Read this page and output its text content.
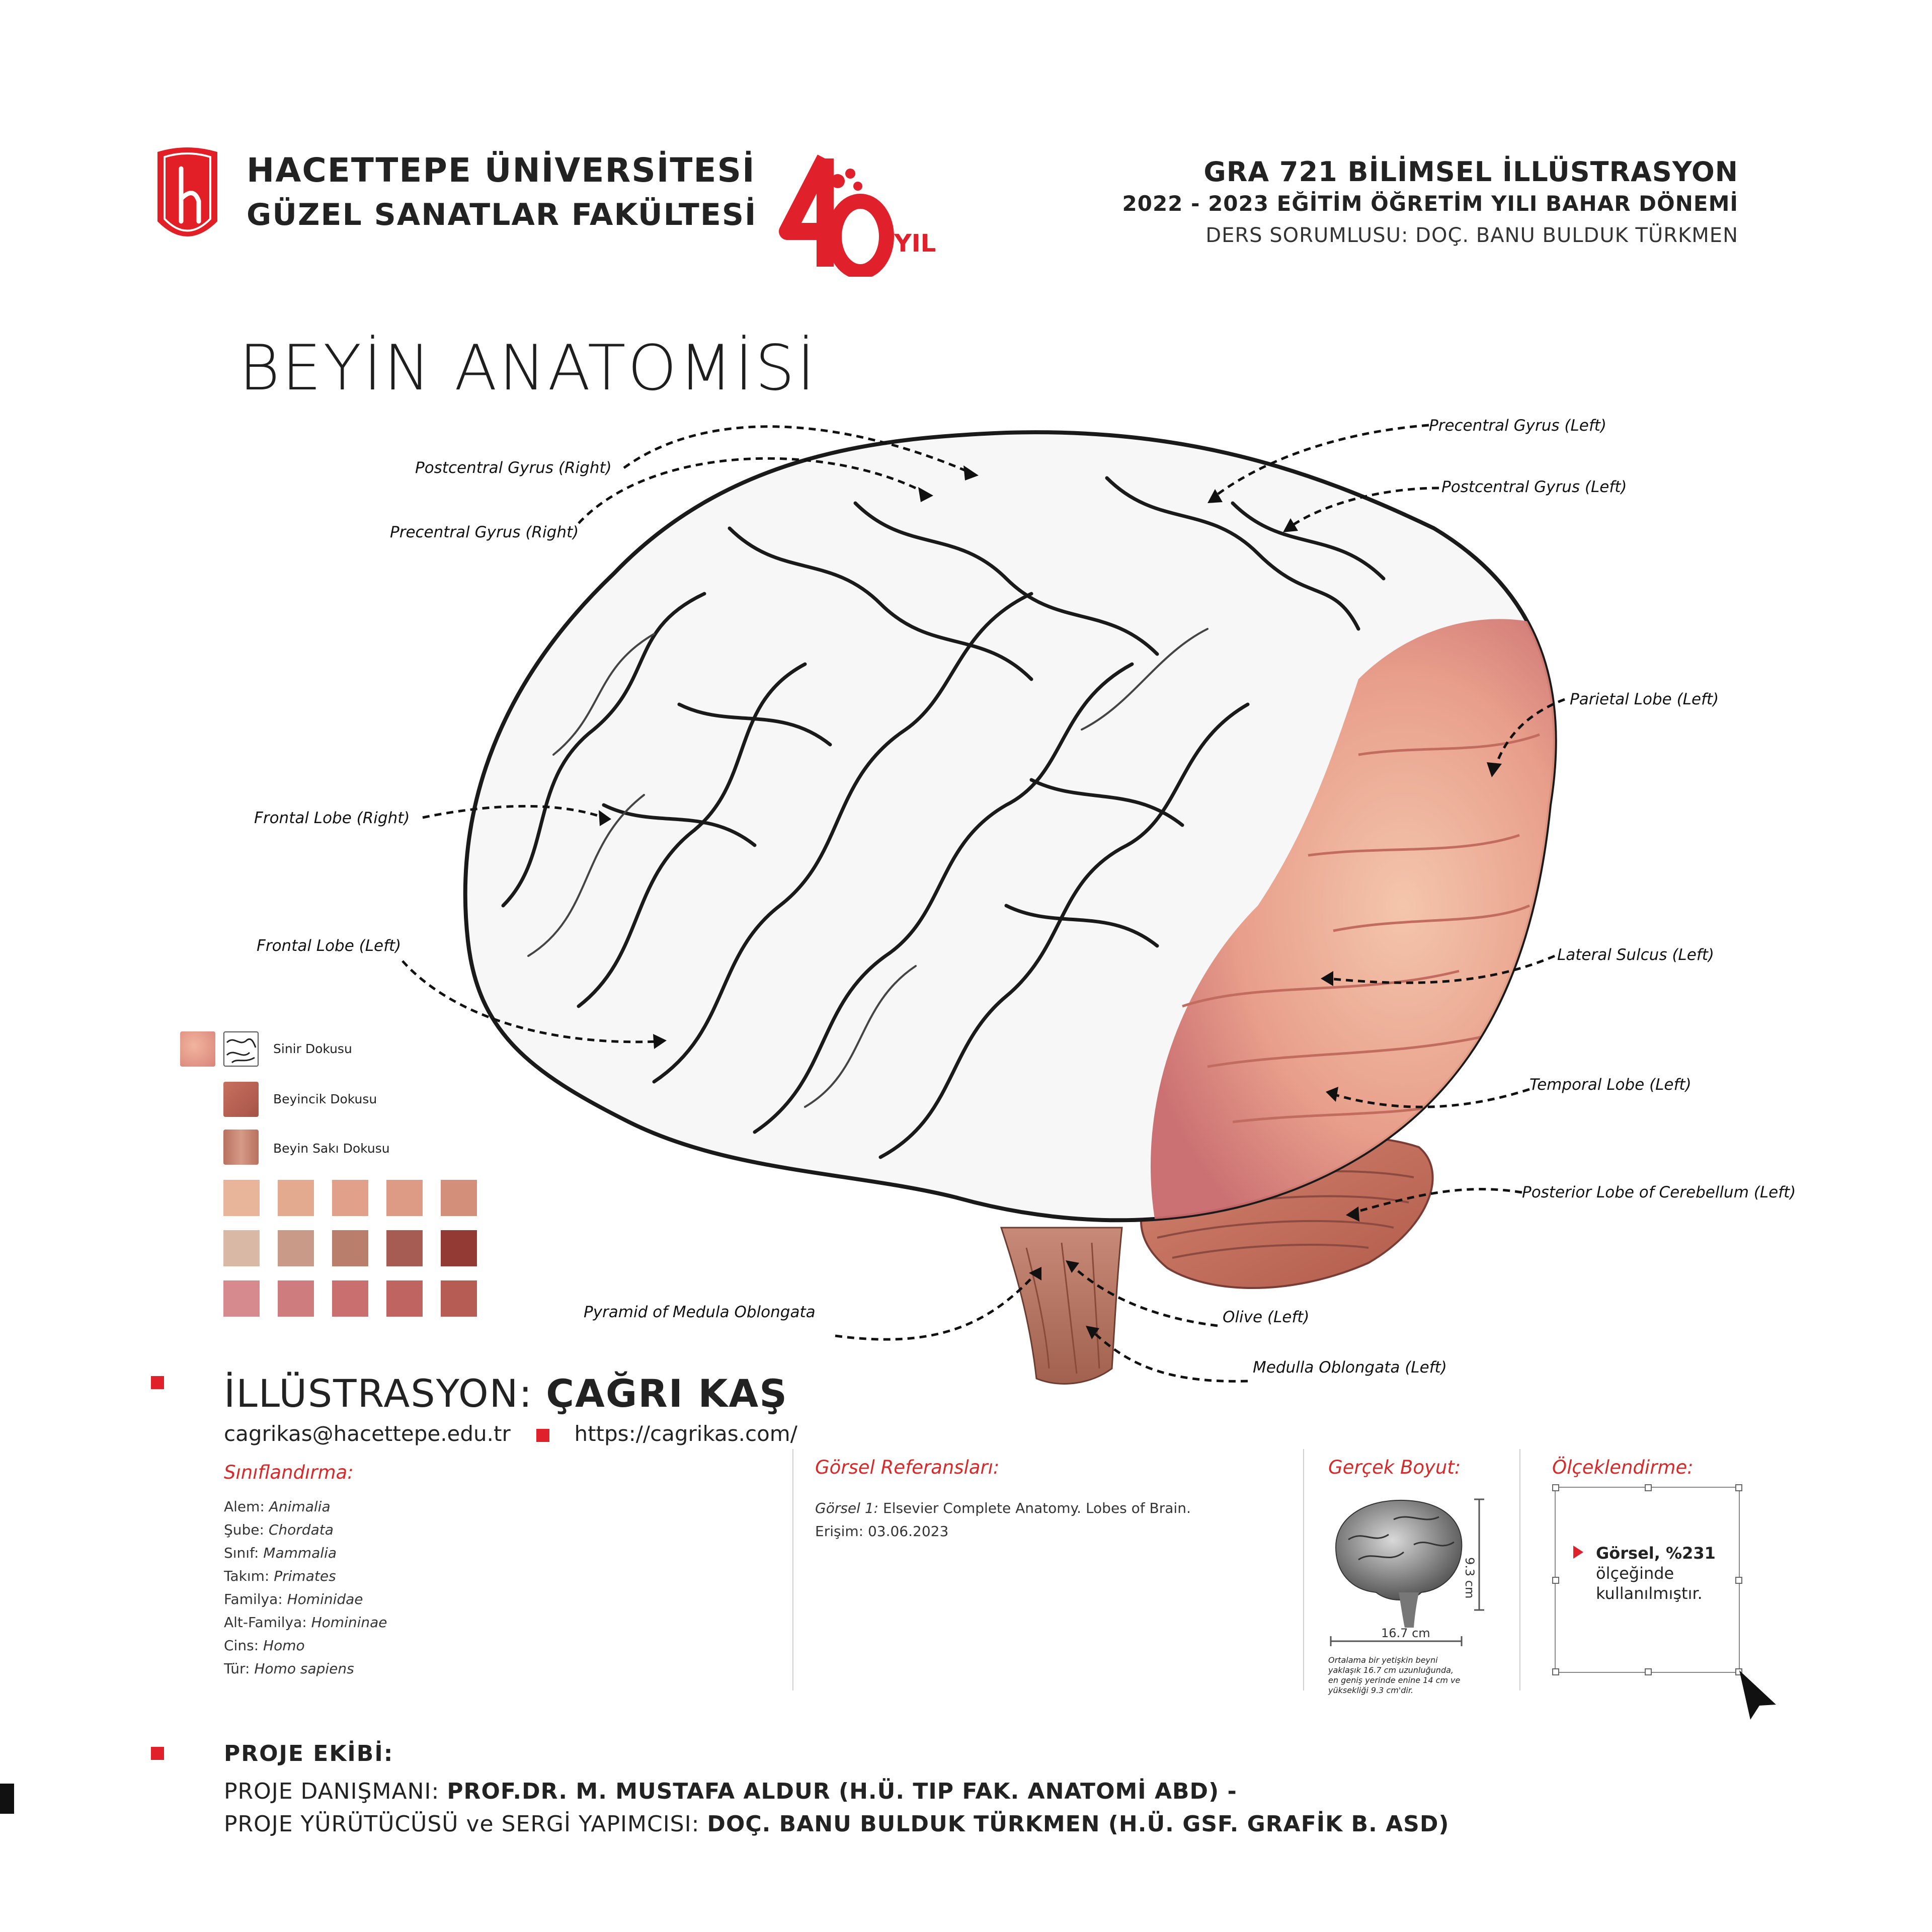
HACETTEPE ÜNİVERSİTESİ
GÜZEL SANATLAR FAKÜLTESİ
YIL
GRA 721 BİLİMSEL İLLÜSTRASYON
2022 - 2023 EĞİTİM ÖĞRETİM YILI BAHAR DÖNEMİ
DERS SORUMLUSU: DOÇ. BANU BULDUK TÜRKMEN
BEYİN ANATOMİSİ
Postcentral Gyrus (Right)
Precentral Gyrus (Right)
Precentral Gyrus (Left)
Postcentral Gyrus (Left)
Parietal Lobe (Left)
Frontal Lobe (Right)
Frontal Lobe (Left)	Lateral Sulcus (Left)
Temporal Lobe (Left)
Posterior Lobe of Cerebellum (Left)
Pyramid of Medula Oblongata	Olive (Left)
Medulla Oblongata (Left)
Sinir Dokusu
Beyincik Dokusu
Beyin Sakı Dokusu
İLLÜSTRASYON: ÇAĞRI KAŞ
cagrikas@hacettepe.edu.tr	https://cagrikas.com/
Sınıflandırma:
Alem: Animalia
Şube: Chordata
Sınıf: Mammalia
Takım: Primates
Familya: Hominidae
Alt-Familya: Homininae
Cins: Homo
Tür: Homo sapiens
Görsel Referansları:
Görsel 1: Elsevier Complete Anatomy. Lobes of Brain.
Erişim: 03.06.2023
Gerçek Boyut:
9.3 cm
16.7 cm
Ortalama bir yetişkin beyni
yaklaşık 16.7 cm uzunluğunda,
en geniş yerinde enine 14 cm ve
yüksekliği 9.3 cm'dir.
Ölçeklendirme:
Görsel, %231
ölçeğinde
kullanılmıştır.
PROJE EKİBİ:
PROJE DANIŞMANI: PROF.DR. M. MUSTAFA ALDUR (H.Ü. TIP FAK. ANATOMİ ABD) -
PROJE YÜRÜTÜCÜSÜ ve SERGİ YAPIMCISI: DOÇ. BANU BULDUK TÜRKMEN (H.Ü. GSF. GRAFİK B. ASD)
